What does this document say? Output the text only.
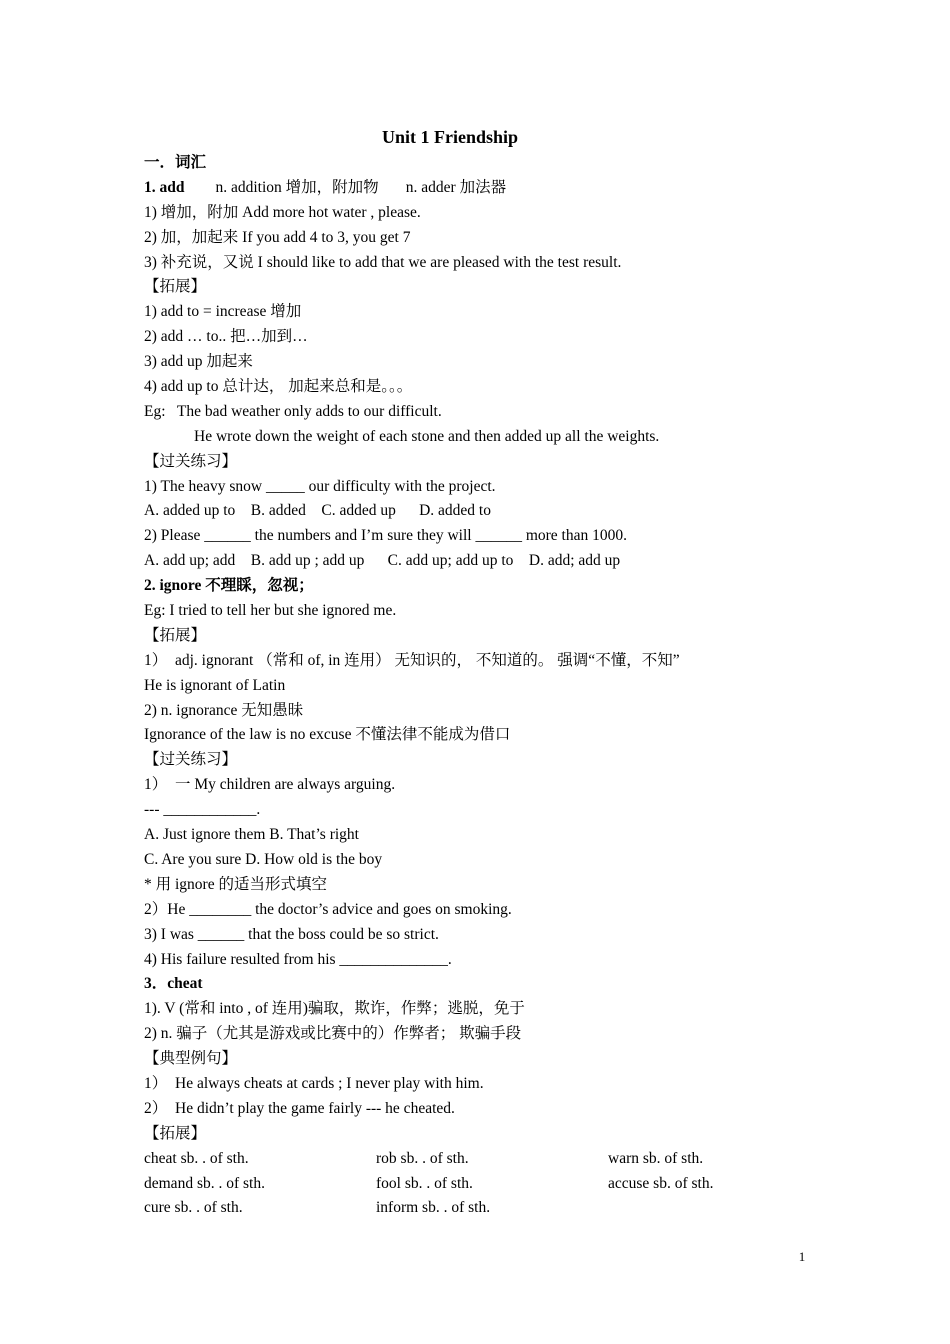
Unit 1 Friendship
一．词汇
1. add        n. addition 增加，附加物       n. adder 加法器
1) 增加，附加 Add more hot water , please.
2) 加，加起来 If you add 4 to 3, you get 7
3) 补充说，又说 I should like to add that we are pleased with the test result.
【拓展】
1) add to = increase 增加
2) add … to.. 把…加到…
3) add up 加起来
4) add up to 总计达， 加起来总和是。。。
Eg:   The bad weather only adds to our difficult.
He wrote down the weight of each stone and then added up all the weights.
【过关练习】
1) The heavy snow _____ our difficulty with the project.
A. added up to    B. added    C. added up      D. added to
2) Please ______ the numbers and I’m sure they will ______ more than 1000.
A. add up; add    B. add up ; add up      C. add up; add up to    D. add; add up
2. ignore 不理睬，忽视；
Eg: I tried to tell her but she ignored me.
【拓展】
1）  adj. ignorant （常和 of, in 连用） 无知识的， 不知道的。 强调“不懂，不知”
He is ignorant of Latin
2) n. ignorance 无知愚昧
Ignorance of the law is no excuse 不懂法律不能成为借口
【过关练习】
1）  一 My children are always arguing.
--- ____________.
A. Just ignore them B. That’s right
C. Are you sure D. How old is the boy
* 用 ignore 的适当形式填空
2）He ________ the doctor’s advice and goes on smoking.
3) I was ______ that the boss could be so strict.
4) His failure resulted from his ______________.
3．cheat
1). V (常和 into , of 连用)骗取，欺诈，作弊；逃脱，免于
2) n. 骗子（尤其是游戏或比赛中的）作弊者； 欺骗手段
【典型例句】
1）  He always cheats at cards ; I never play with him.
2）  He didn’t play the game fairly --- he cheated.
【拓展】
cheat sb. . of sth.	rob sb. . of sth.	warn sb. of sth.
demand sb. . of sth.	fool sb. . of sth.	accuse sb. of sth.
cure sb. . of sth.	inform sb. . of sth.
1
